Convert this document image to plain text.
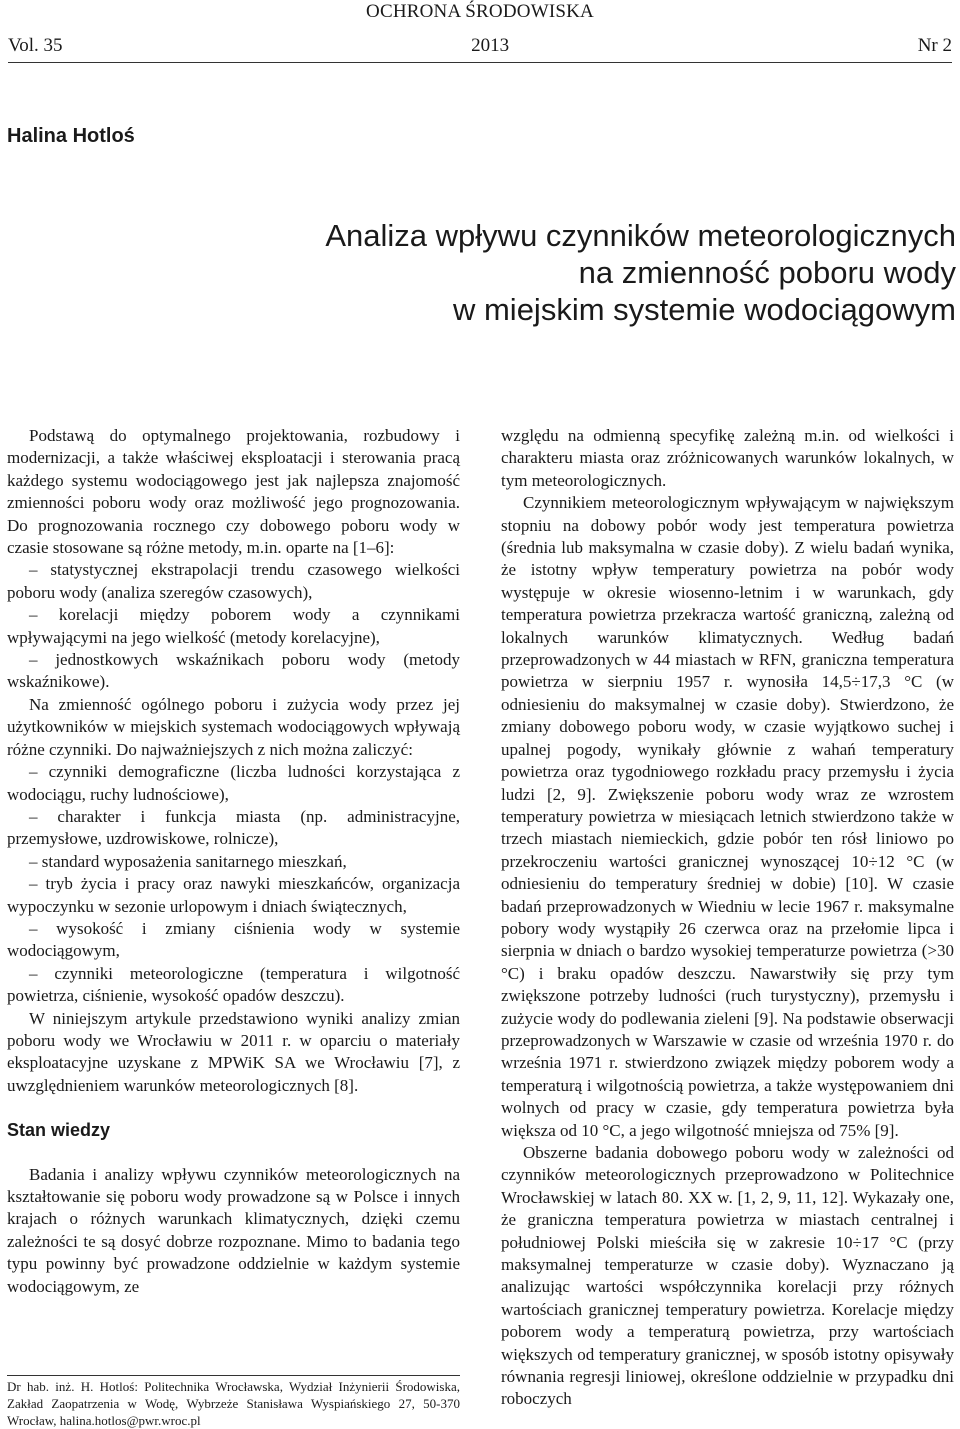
OCHRONA ŚRODOWISKA
Vol. 35	2013	Nr 2
Halina Hotloś
Analiza wpływu czynników meteorologicznych
na zmienność poboru wody
w miejskim systemie wodociągowym

Podstawą do optymalnego projektowania, rozbudowy i modernizacji, a także właściwej eksploatacji i sterowania pracą każdego systemu wodociągowego jest jak najlepsza znajomość zmienności poboru wody oraz możliwość jego prognozowania. Do prognozowania rocznego czy dobowego poboru wody w czasie stosowane są różne metody, m.in. oparte na [1–6]:

– statystycznej ekstrapolacji trendu czasowego wielkości poboru wody (analiza szeregów czasowych),

– korelacji między poborem wody a czynnikami wpływającymi na jego wielkość (metody korelacyjne),

– jednostkowych wskaźnikach poboru wody (metody wskaźnikowe).

Na zmienność ogólnego poboru i zużycia wody przez jej użytkowników w miejskich systemach wodociągowych wpływają różne czynniki. Do najważniejszych z nich można zaliczyć:

– czynniki demograficzne (liczba ludności korzystająca z wodociągu, ruchy ludnościowe),

– charakter i funkcja miasta (np. administracyjne, przemysłowe, uzdrowiskowe, rolnicze),

– standard wyposażenia sanitarnego mieszkań,

– tryb życia i pracy oraz nawyki mieszkańców, organizacja wypoczynku w sezonie urlopowym i dniach świątecznych,

– wysokość i zmiany ciśnienia wody w systemie wodociągowym,

– czynniki meteorologiczne (temperatura i wilgotność powietrza, ciśnienie, wysokość opadów deszczu).

W niniejszym artykule przedstawiono wyniki analizy zmian poboru wody we Wrocławiu w 2011 r. w oparciu o materiały eksploatacyjne uzyskane z MPWiK SA we Wrocławiu [7], z uwzględnieniem warunków meteorologicznych [8].

Stan wiedzy

Badania i analizy wpływu czynników meteorologicznych na kształtowanie się poboru wody prowadzone są w Polsce i innych krajach o różnych warunkach klimatycznych, dzięki czemu zależności te są dosyć dobrze rozpoznane. Mimo to badania tego typu powinny być prowadzone oddzielnie w każdym systemie wodociągowym, ze

Dr hab. inż. H. Hotloś: Politechnika Wrocławska, Wydział Inżynierii Środowiska, Zakład Zaopatrzenia w Wodę, Wybrzeże Stanisława Wyspiańskiego 27, 50-370 Wrocław, halina.hotlos@pwr.wroc.pl

względu na odmienną specyfikę zależną m.in. od wielkości i charakteru miasta oraz zróżnicowanych warunków lokalnych, w tym meteorologicznych.

Czynnikiem meteorologicznym wpływającym w największym stopniu na dobowy pobór wody jest temperatura powietrza (średnia lub maksymalna w czasie doby). Z wielu badań wynika, że istotny wpływ temperatury powietrza na pobór wody występuje w okresie wiosenno-letnim i w warunkach, gdy temperatura powietrza przekracza wartość graniczną, zależną od lokalnych warunków klimatycznych. Według badań przeprowadzonych w 44 miastach w RFN, graniczna temperatura powietrza w sierpniu 1957 r. wynosiła 14,5÷17,3 °C (w odniesieniu do maksymalnej w czasie doby). Stwierdzono, że zmiany dobowego poboru wody, w czasie wyjątkowo suchej i upalnej pogody, wynikały głównie z wahań temperatury powietrza oraz tygodniowego rozkładu pracy przemysłu i życia ludzi [2, 9]. Zwiększenie poboru wody wraz ze wzrostem temperatury powietrza w miesiącach letnich stwierdzono także w trzech miastach niemieckich, gdzie pobór ten rósł liniowo po przekroczeniu wartości granicznej wynoszącej 10÷12 °C (w odniesieniu do temperatury średniej w dobie) [10]. W czasie badań przeprowadzonych w Wiedniu w lecie 1967 r. maksymalne pobory wody wystąpiły 26 czerwca oraz na przełomie lipca i sierpnia w dniach o bardzo wysokiej temperaturze powietrza (>30 °C) i braku opadów deszczu. Nawarstwiły się przy tym zwiększone potrzeby ludności (ruch turystyczny), przemysłu i zużycie wody do podlewania zieleni [9]. Na podstawie obserwacji przeprowadzonych w Warszawie w czasie od września 1970 r. do września 1971 r. stwierdzono związek między poborem wody a temperaturą i wilgotnością powietrza, a także występowaniem dni wolnych od pracy w czasie, gdy temperatura powietrza była większa od 10 °C, a jego wilgotność mniejsza od 75% [9].

Obszerne badania dobowego poboru wody w zależności od czynników meteorologicznych przeprowadzono w Politechnice Wrocławskiej w latach 80. XX w. [1, 2, 9, 11, 12]. Wykazały one, że graniczna temperatura powietrza w miastach centralnej i południowej Polski mieściła się w zakresie 10÷17 °C (przy maksymalnej temperaturze w czasie doby). Wyznaczano ją analizując wartości współczynnika korelacji przy różnych wartościach granicznej temperatury powietrza. Korelacje między poborem wody a temperaturą powietrza, przy wartościach większych od temperatury granicznej, w sposób istotny opisywały równania regresji liniowej, określone oddzielnie w przypadku dni roboczych
